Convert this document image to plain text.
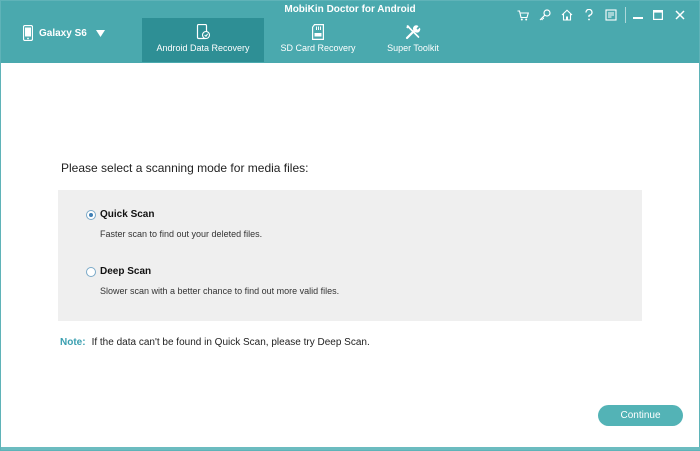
MobiKin Doctor for Android
Galaxy S6
Android Data Recovery	SD Card Recovery	Super Toolkit
Please select a scanning mode for media files:
Quick Scan
Faster scan to find out your deleted files.
Deep Scan
Slower scan with a better chance to find out more valid files.
Note: If the data can't be found in Quick Scan, please try Deep Scan.
Continue
